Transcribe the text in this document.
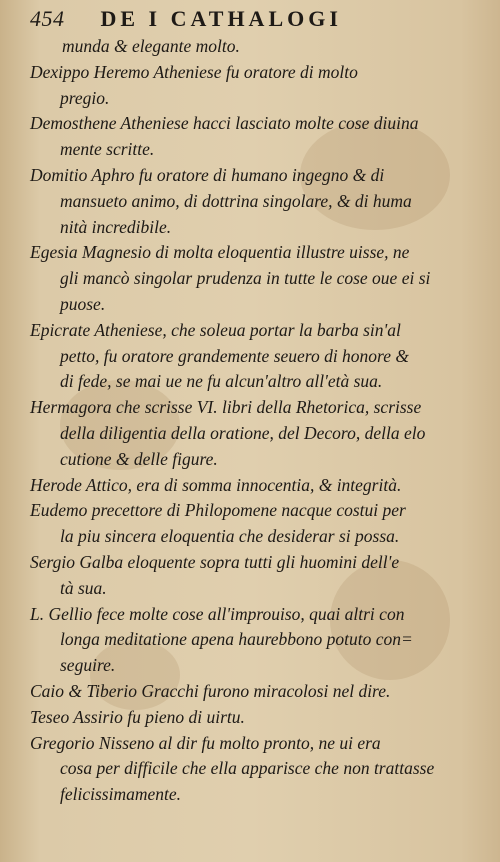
454 DE I CATHALOGI
munda & elegante molto.
Dexippo Heremo Atheniese fu oratore di molto
pregio.
Demosthene Atheniese hacci lasciato molte cose diuina
mente scritte.
Domitio Aphro fu oratore di humano ingegno & di
mansueto animo, di dottrina singolare, & di huma
nità incredibile.
Egesia Magnesio di molta eloquentia illustre uisse, ne
gli mancò singolar prudenza in tutte le cose oue ei si
puose.
Epicrate Atheniese, che soleua portar la barba sin'al
petto, fu oratore grandemente seuero di honore &
di fede, se mai ue ne fu alcun'altro all'età sua.
Hermagora che scrisse VI. libri della Rhetorica, scrisse
della diligentia della oratione, del Decoro, della elo
cutione & delle figure.
Herode Attico, era di somma innocentia, & integrità.
Eudemo precettore di Philopomene nacque costui per
la piu sincera eloquentia che desiderar si possa.
Sergio Galba eloquente sopra tutti gli huomini dell'e
tà sua.
L. Gellio fece molte cose all'improuiso, quai altri con
longa meditatione apena haurebbono potuto con=
seguire.
Caio & Tiberio Gracchi furono miracolosi nel dire.
Teseo Assirio fu pieno di uirtu.
Gregorio Nisseno al dir fu molto pronto, ne ui era
cosa per difficile che ella apparisce che non trattasse
felicissimamente.
